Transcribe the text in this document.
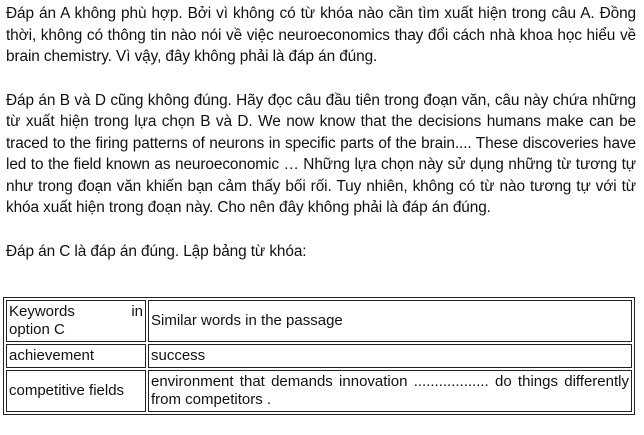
Đáp án A không phù hợp. Bởi vì không có từ khóa nào cần tìm xuất hiện trong câu A. Đồng thời, không có thông tin nào nói về việc neuroeconomics thay đổi cách nhà khoa học hiểu về brain chemistry. Vì vậy, đây không phải là đáp án đúng.

Đáp án B và D cũng không đúng. Hãy đọc câu đầu tiên trong đoạn văn, câu này chứa những từ xuất hiện trong lựa chọn B và D. We now know that the decisions humans make can be traced to the firing patterns of neurons in specific parts of the brain.... These discoveries have led to the field known as neuroeconomic … Những lựa chọn này sử dụng những từ tương tự như trong đoạn văn khiến bạn cảm thấy bối rối. Tuy nhiên, không có từ nào tương tự với từ khóa xuất hiện trong đoạn này. Cho nên đây không phải là đáp án đúng.

Đáp án C là đáp án đúng. Lập bảng từ khóa:

Keywords in
option C	Similar words in the passage
achievement	success
competitive fields	environment that demands innovation .................. do things differently from competitors .
